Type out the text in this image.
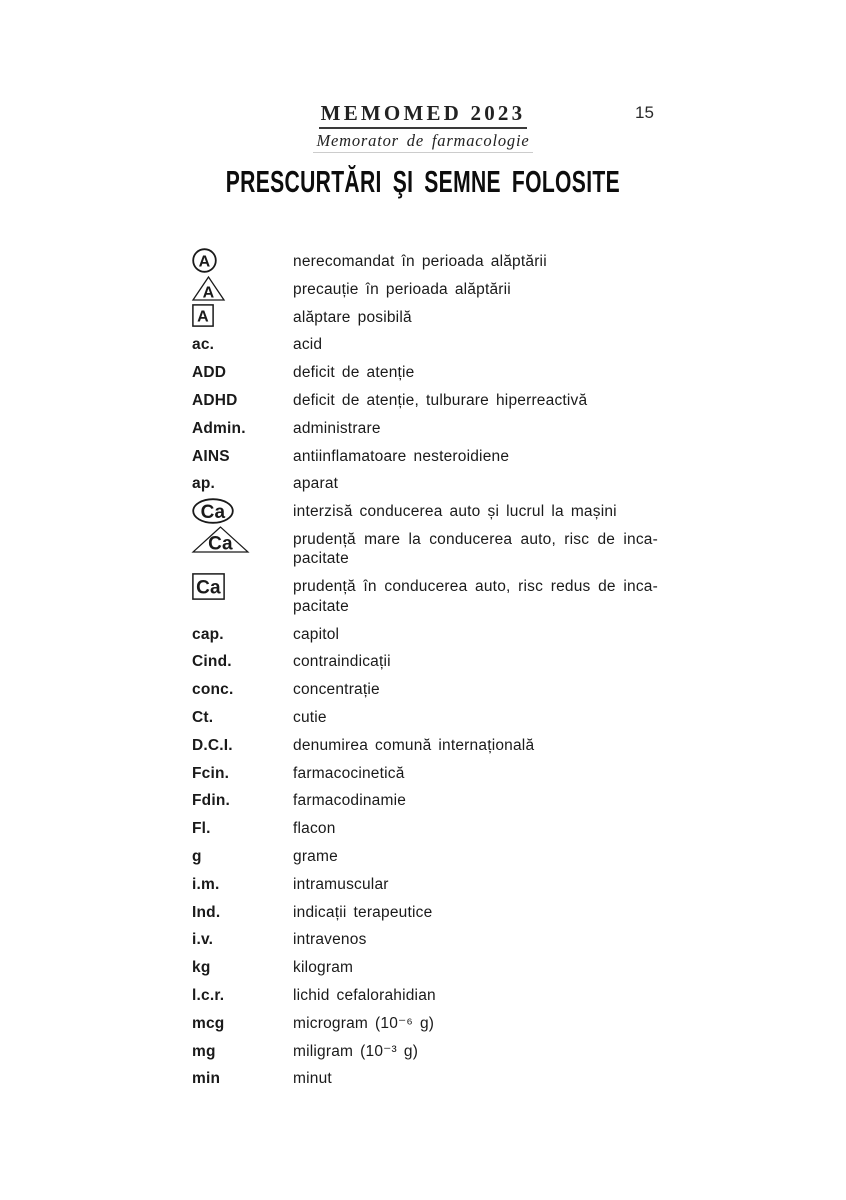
MEMOMED 2023
Memorator de farmacologie
15
PRESCURTĂRI ŞI SEMNE FOLOSITE
A	nerecomandat în perioada alăptării
A	precauție în perioada alăptării
A	alăptare posibilă
ac.	acid
ADD	deficit de atenție
ADHD	deficit de atenție, tulburare hiperreactivă
Admin.	administrare
AINS	antiinflamatoare nesteroidiene
ap.	aparat
Ca	interzisă conducerea auto și lucrul la mașini
Ca	prudență mare la conducerea auto, risc de inca-
pacitate
Ca	prudență în conducerea auto, risc redus de inca-
pacitate
cap.	capitol
Cind.	contraindicații
conc.	concentrație
Ct.	cutie
D.C.I.	denumirea comună internațională
Fcin.	farmacocinetică
Fdin.	farmacodinamie
Fl.	flacon
g	grame
i.m.	intramuscular
Ind.	indicații terapeutice
i.v.	intravenos
kg	kilogram
l.c.r.	lichid cefalorahidian
mcg	microgram (10⁻⁶ g)
mg	miligram (10⁻³ g)
min	minut
